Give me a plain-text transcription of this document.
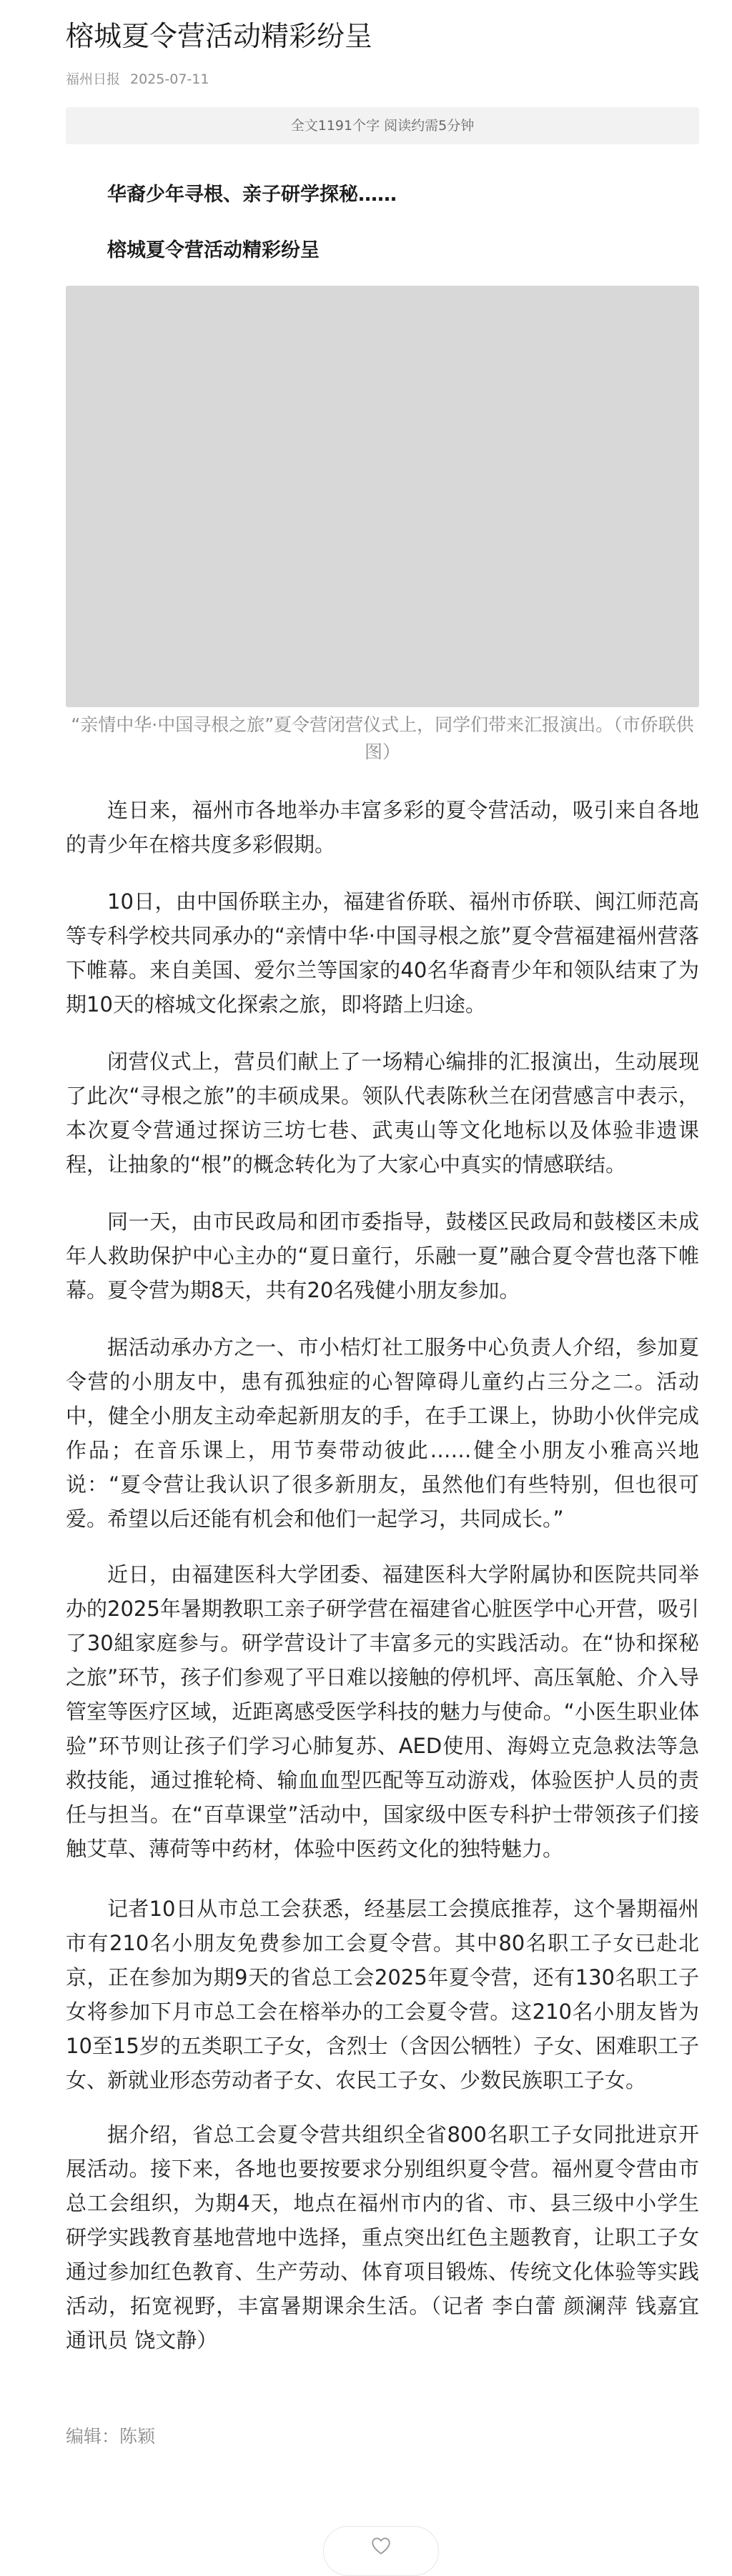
榕城夏令营活动精彩纷呈
福州日报 2025-07-11
全文1191个字 阅读约需5分钟
华裔少年寻根、亲子研学探秘……
榕城夏令营活动精彩纷呈
“亲情中华·中国寻根之旅”夏令营闭营仪式上，同学们带来汇报演出。（市侨联供图）

连日来，福州市各地举办丰富多彩的夏令营活动，吸引来自各地的青少年在榕共度多彩假期。

10日，由中国侨联主办，福建省侨联、福州市侨联、闽江师范高等专科学校共同承办的“亲情中华·中国寻根之旅”夏令营福建福州营落下帷幕。来自美国、爱尔兰等国家的40名华裔青少年和领队结束了为期10天的榕城文化探索之旅，即将踏上归途。

闭营仪式上，营员们献上了一场精心编排的汇报演出，生动展现了此次“寻根之旅”的丰硕成果。领队代表陈秋兰在闭营感言中表示，本次夏令营通过探访三坊七巷、武夷山等文化地标以及体验非遗课程，让抽象的“根”的概念转化为了大家心中真实的情感联结。

同一天，由市民政局和团市委指导，鼓楼区民政局和鼓楼区未成年人救助保护中心主办的“夏日童行，乐融一夏”融合夏令营也落下帷幕。夏令营为期8天，共有20名残健小朋友参加。

据活动承办方之一、市小桔灯社工服务中心负责人介绍，参加夏令营的小朋友中，患有孤独症的心智障碍儿童约占三分之二。活动中，健全小朋友主动牵起新朋友的手，在手工课上，协助小伙伴完成作品；在音乐课上，用节奏带动彼此……健全小朋友小雅高兴地说：“夏令营让我认识了很多新朋友，虽然他们有些特别，但也很可爱。希望以后还能有机会和他们一起学习，共同成长。”

近日，由福建医科大学团委、福建医科大学附属协和医院共同举办的2025年暑期教职工亲子研学营在福建省心脏医学中心开营，吸引了30組家庭参与。研学营设计了丰富多元的实践活动。在“协和探秘之旅”环节，孩子们参观了平日难以接触的停机坪、高压氧舱、介入导管室等医疗区域，近距离感受医学科技的魅力与使命。“小医生职业体验”环节则让孩子们学习心肺复苏、AED使用、海姆立克急救法等急救技能，通过推轮椅、输血血型匹配等互动游戏，体验医护人员的责任与担当。在“百草课堂”活动中，国家级中医专科护士带领孩子们接触艾草、薄荷等中药材，体验中医药文化的独特魅力。

记者10日从市总工会获悉，经基层工会摸底推荐，这个暑期福州市有210名小朋友免费参加工会夏令营。其中80名职工子女已赴北京，正在参加为期9天的省总工会2025年夏令营，还有130名职工子女将参加下月市总工会在榕举办的工会夏令营。这210名小朋友皆为10至15岁的五类职工子女，含烈士（含因公牺牲）子女、困难职工子女、新就业形态劳动者子女、农民工子女、少数民族职工子女。

据介绍，省总工会夏令营共组织全省800名职工子女同批进京开展活动。接下来，各地也要按要求分别组织夏令营。福州夏令营由市总工会组织，为期4天，地点在福州市内的省、市、县三级中小学生研学实践教育基地营地中选择，重点突出红色主题教育，让职工子女通过参加红色教育、生产劳动、体育项目锻炼、传统文化体验等实践活动，拓宽视野，丰富暑期课余生活。（记者 李白蕾 颜澜萍 钱嘉宜 通讯员 饶文静）

编辑：陈颖
